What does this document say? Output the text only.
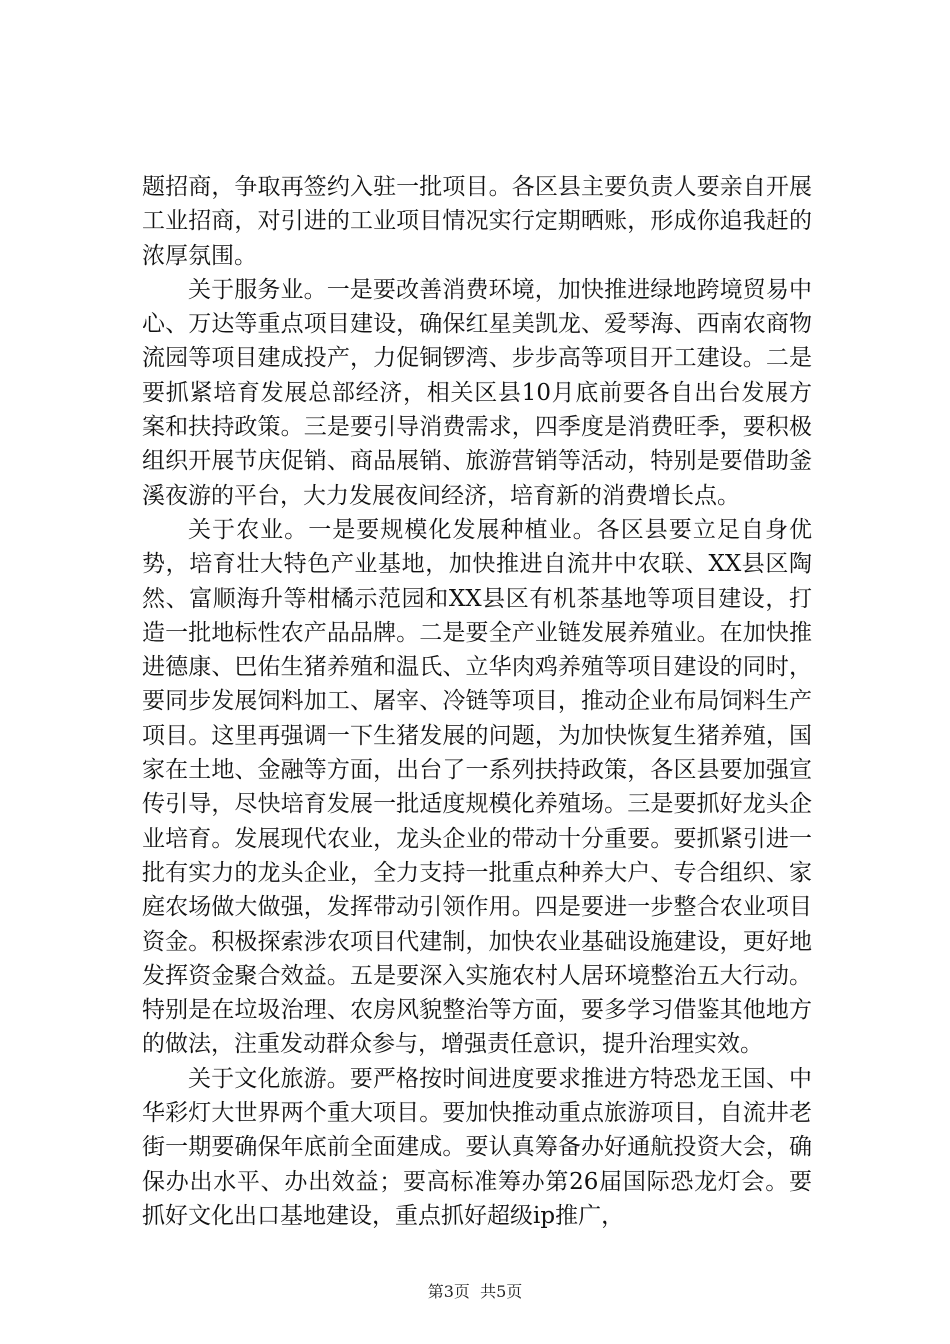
题招商，争取再签约入驻一批项目。各区县主要负责人要亲自开展工业招商，对引进的工业项目情况实行定期晒账，形成你追我赶的浓厚氛围。

关于服务业。一是要改善消费环境，加快推进绿地跨境贸易中心、万达等重点项目建设，确保红星美凯龙、爱琴海、西南农商物流园等项目建成投产，力促铜锣湾、步步高等项目开工建设。二是要抓紧培育发展总部经济，相关区县10月底前要各自出台发展方案和扶持政策。三是要引导消费需求，四季度是消费旺季，要积极组织开展节庆促销、商品展销、旅游营销等活动，特别是要借助釜溪夜游的平台，大力发展夜间经济，培育新的消费增长点。

关于农业。一是要规模化发展种植业。各区县要立足自身优势，培育壮大特色产业基地，加快推进自流井中农联、XX县区陶然、富顺海升等柑橘示范园和XX县区有机茶基地等项目建设，打造一批地标性农产品品牌。二是要全产业链发展养殖业。在加快推进德康、巴佑生猪养殖和温氏、立华肉鸡养殖等项目建设的同时，要同步发展饲料加工、屠宰、冷链等项目，推动企业布局饲料生产项目。这里再强调一下生猪发展的问题，为加快恢复生猪养殖，国家在土地、金融等方面，出台了一系列扶持政策，各区县要加强宣传引导，尽快培育发展一批适度规模化养殖场。三是要抓好龙头企业培育。发展现代农业，龙头企业的带动十分重要。要抓紧引进一批有实力的龙头企业，全力支持一批重点种养大户、专合组织、家庭农场做大做强，发挥带动引领作用。四是要进一步整合农业项目资金。积极探索涉农项目代建制，加快农业基础设施建设，更好地发挥资金聚合效益。五是要深入实施农村人居环境整治五大行动。特别是在垃圾治理、农房风貌整治等方面，要多学习借鉴其他地方的做法，注重发动群众参与，增强责任意识，提升治理实效。

关于文化旅游。要严格按时间进度要求推进方特恐龙王国、中华彩灯大世界两个重大项目。要加快推动重点旅游项目，自流井老街一期要确保年底前全面建成。要认真筹备办好通航投资大会，确保办出水平、办出效益；要高标准筹办第26届国际恐龙灯会。要抓好文化出口基地建设，重点抓好超级ip推广，

第3页  共5页
